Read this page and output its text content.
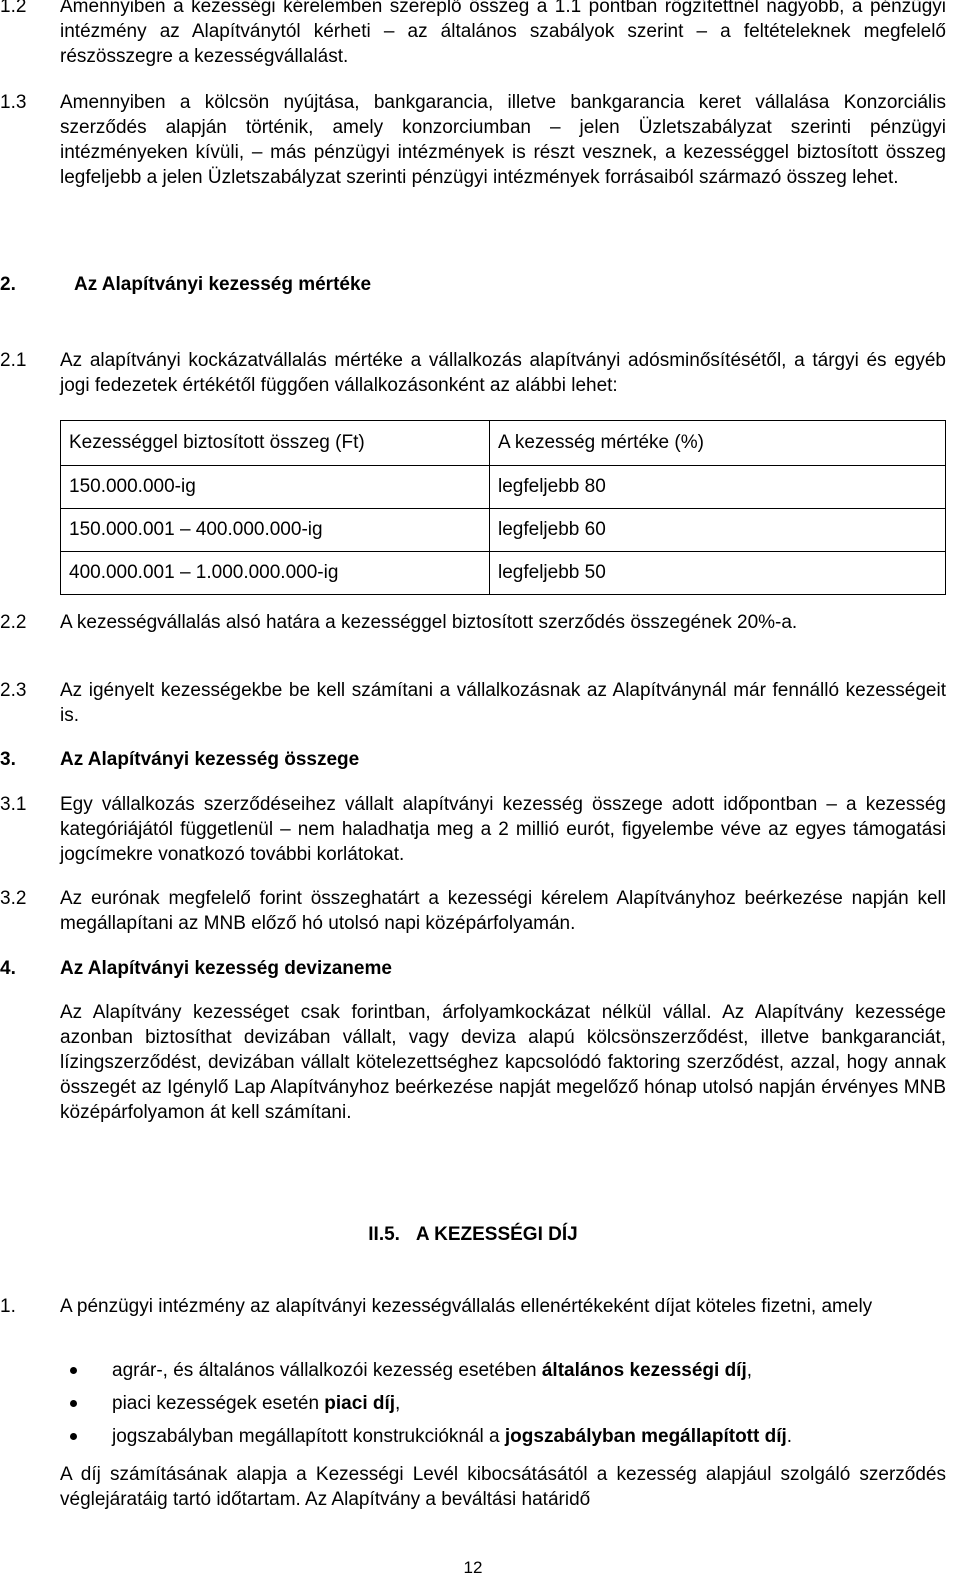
1.2	Amennyiben a kezességi kérelemben szereplő összeg a 1.1 pontban rögzítettnél nagyobb, a pénzügyi intézmény az Alapítványtól kérheti – az általános szabályok szerint – a feltételeknek megfelelő részösszegre a kezességvállalást.
1.3	Amennyiben a kölcsön nyújtása, bankgarancia, illetve bankgarancia keret vállalása Konzorciális szerződés alapján történik, amely konzorciumban – jelen Üzletszabályzat szerinti pénzügyi intézményeken kívüli, – más pénzügyi intézmények is részt vesznek, a kezességgel biztosított összeg legfeljebb a jelen Üzletszabályzat szerinti pénzügyi intézmények forrásaiból származó összeg lehet.
2.	Az Alapítványi kezesség mértéke
2.1	Az alapítványi kockázatvállalás mértéke a vállalkozás alapítványi adósminősítésétől, a tárgyi és egyéb jogi fedezetek értékétől függően vállalkozásonként az alábbi lehet:
Kezességgel biztosított összeg (Ft)	A kezesség mértéke (%)
150.000.000-ig	legfeljebb 80
150.000.001 – 400.000.000-ig	legfeljebb 60
400.000.001 – 1.000.000.000-ig	legfeljebb 50
2.2	A kezességvállalás alsó határa a kezességgel biztosított szerződés összegének 20%-a.
2.3	Az igényelt kezességekbe be kell számítani a vállalkozásnak az Alapítványnál már fennálló kezességeit is.
3. Az Alapítványi kezesség összege
3.1	Egy vállalkozás szerződéseihez vállalt alapítványi kezesség összege adott időpontban – a kezesség kategóriájától függetlenül – nem haladhatja meg a 2 millió eurót, figyelembe véve az egyes támogatási jogcímekre vonatkozó további korlátokat.
3.2	Az eurónak megfelelő forint összeghatárt a kezességi kérelem Alapítványhoz beérkezése napján kell megállapítani az MNB előző hó utolsó napi középárfolyamán.
4. Az Alapítványi kezesség devizaneme
Az Alapítvány kezességet csak forintban, árfolyamkockázat nélkül vállal. Az Alapítvány kezessége azonban biztosíthat devizában vállalt, vagy deviza alapú kölcsönszerződést, illetve bankgaranciát, lízingszerződést, devizában vállalt kötelezettséghez kapcsolódó faktoring szerződést, azzal, hogy annak összegét az Igénylő Lap Alapítványhoz beérkezése napját megelőző hónap utolsó napján érvényes MNB középárfolyamon át kell számítani.
II.5. A KEZESSÉGI DÍJ
1.	A pénzügyi intézmény az alapítványi kezességvállalás ellenértékeként díjat köteles fizetni, amely
agrár-, és általános vállalkozói kezesség esetében általános kezességi díj,
piaci kezességek esetén piaci díj,
jogszabályban megállapított konstrukcióknál a jogszabályban megállapított díj.
A díj számításának alapja a Kezességi Levél kibocsátásától a kezesség alapjául szolgáló szerződés véglejáratáig tartó időtartam. Az Alapítvány a beváltási határidő
12
